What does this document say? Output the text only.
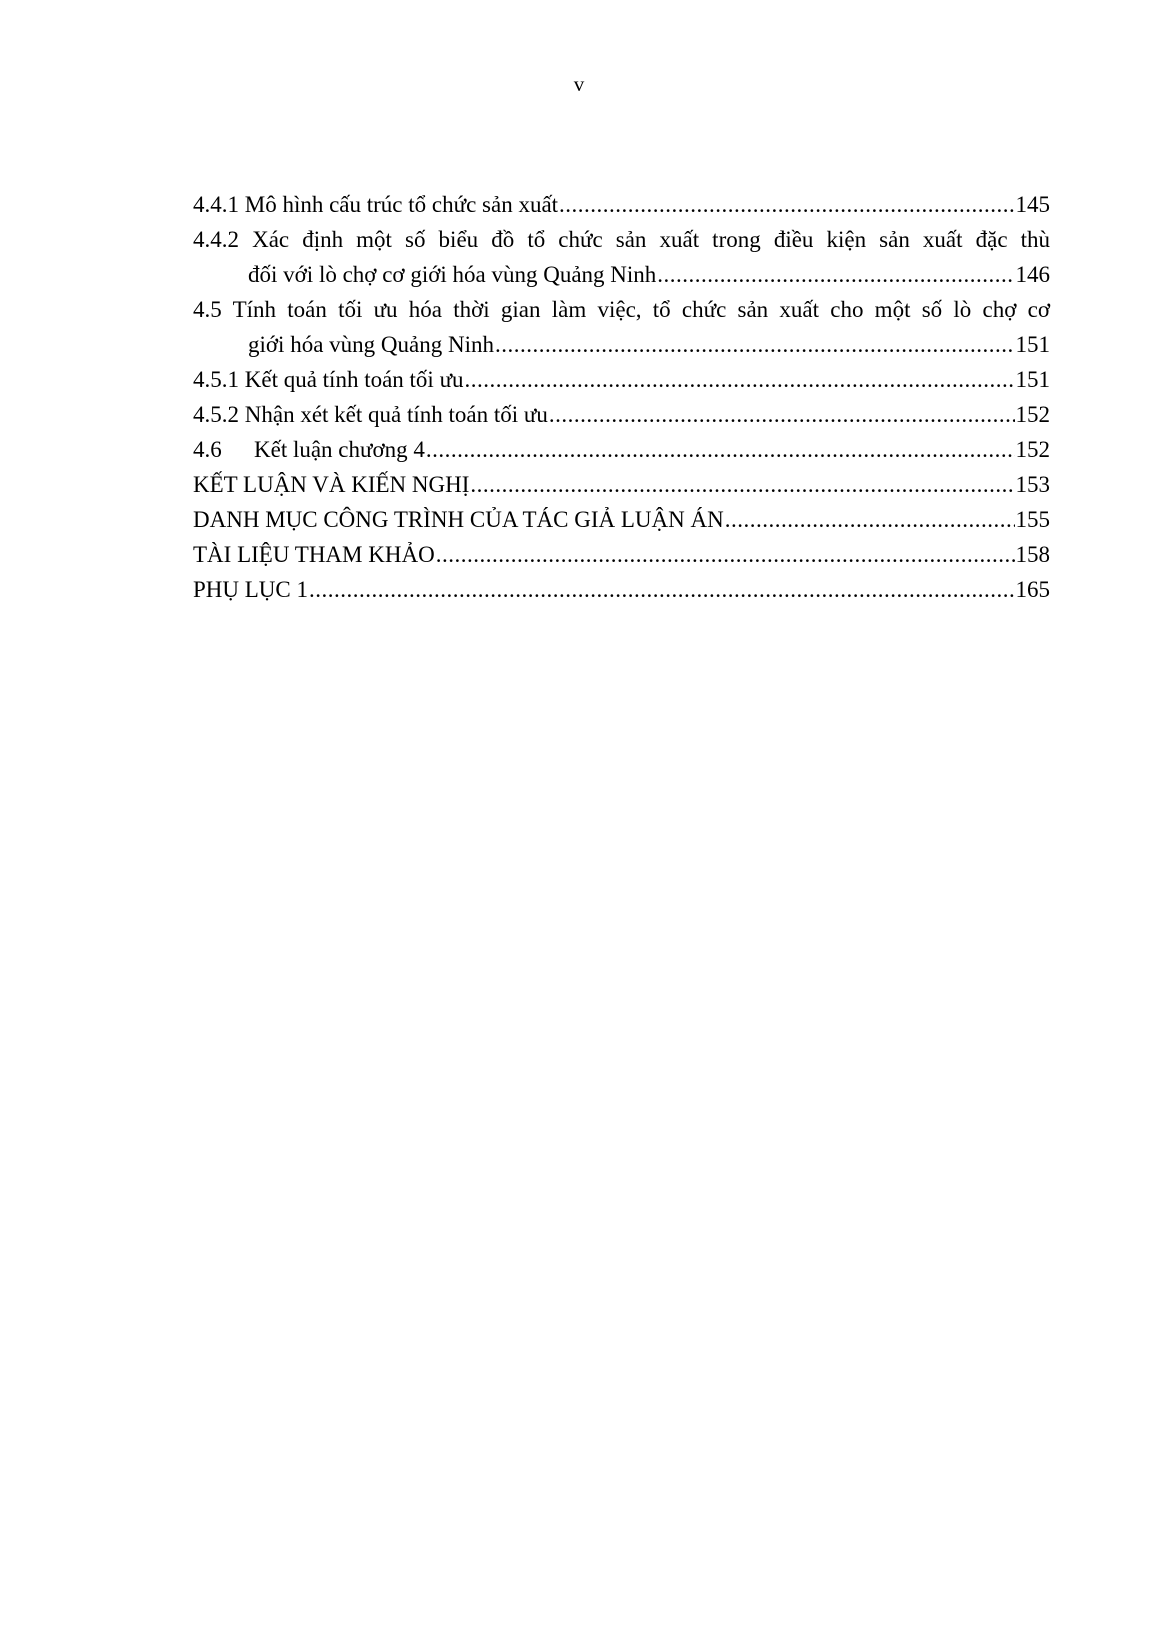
v
4.4.1 Mô hình cấu trúc tổ chức sản xuất .....	145
4.4.2 Xác định một số biểu đồ tổ chức sản xuất trong điều kiện sản xuất đặc thù
đối với lò chợ cơ giới hóa vùng Quảng Ninh .....	146
4.5 Tính toán tối ưu hóa thời gian làm việc, tổ chức sản xuất cho một số lò chợ cơ
giới hóa vùng Quảng Ninh .....	151
4.5.1 Kết quả tính toán tối ưu .....	151
4.5.2 Nhận xét kết quả tính toán tối ưu .....	152
4.6 Kết luận chương 4 .....	152
KẾT LUẬN VÀ KIẾN NGHỊ .....	153
DANH MỤC CÔNG TRÌNH CỦA TÁC GIẢ LUẬN ÁN .....	155
TÀI LIỆU THAM KHẢO .....	158
PHỤ LỤC 1 .....	165
